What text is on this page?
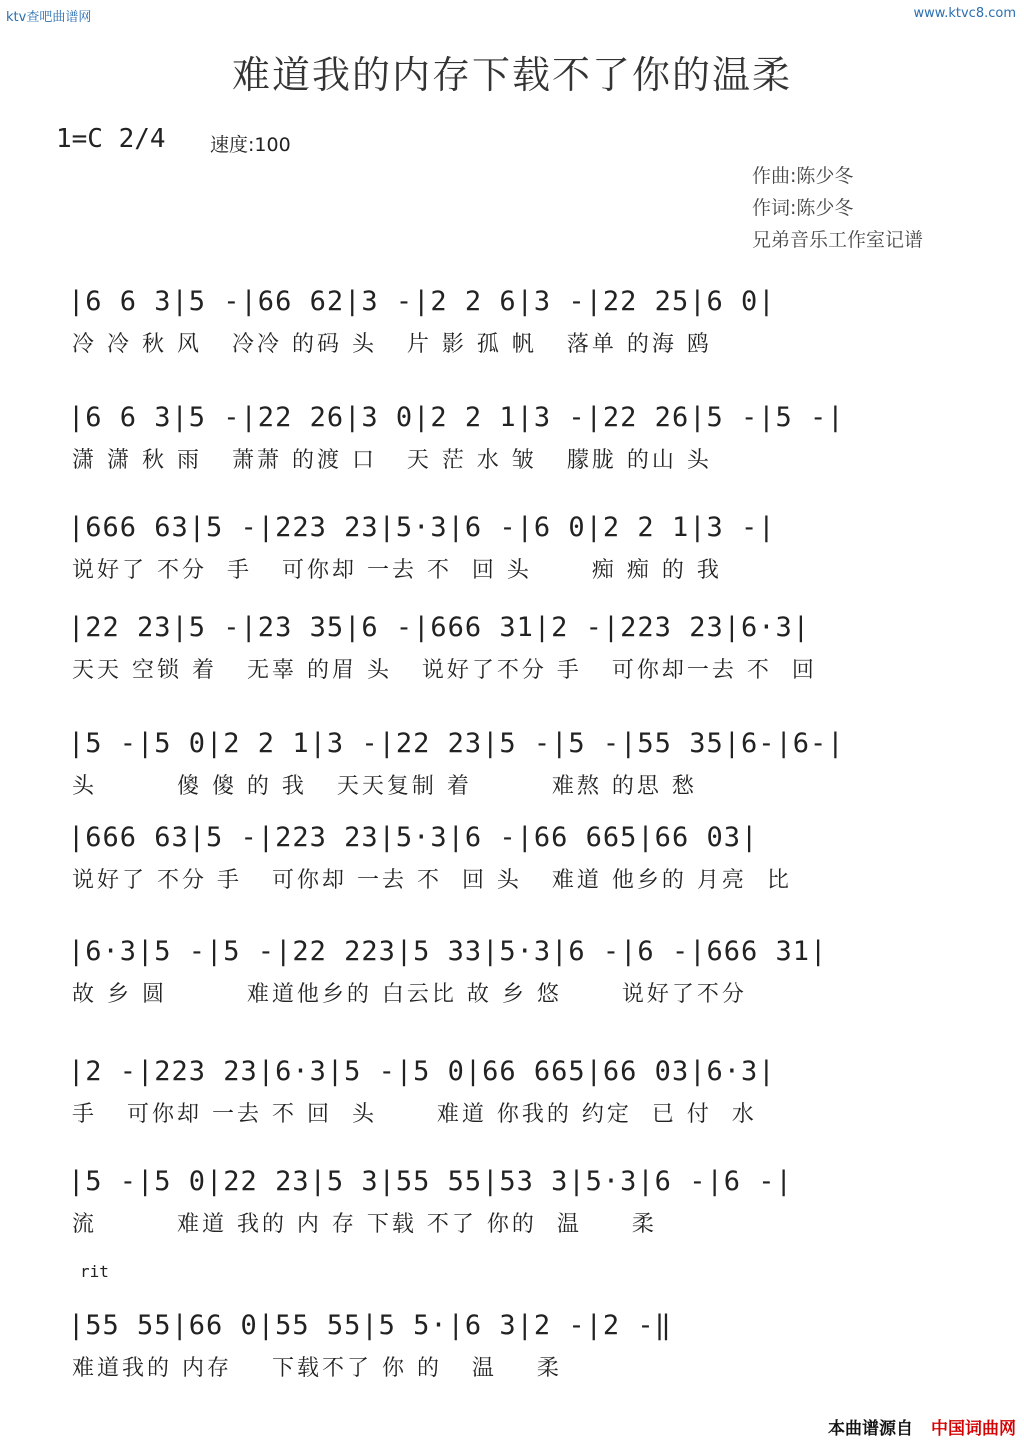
ktv查吧曲谱网	www.ktvc8.com
难道我的内存下载不了你的温柔
1=C 2/4 速度:100
作曲:陈少冬
作词:陈少冬
兄弟音乐工作室记谱
|6 6 3|5 -|66 62|3 -|2 2 6|3 -|22 25|6 0|
冷 冷 秋 风   冷冷 的码 头   片 影 孤 帆   落单 的海 鸥
|6 6 3|5 -|22 26|3 0|2 2 1|3 -|22 26|5 -|5 -|
潇 潇 秋 雨   萧萧 的渡 口   天 茫 水 皱   朦胧 的山 头
|666 63|5 -|223 23|5·3|6 -|6 0|2 2 1|3 -|
说好了 不分  手   可你却 一去 不  回 头      痴 痴 的 我
|22 23|5 -|23 35|6 -|666 31|2 -|223 23|6·3|
天天 空锁 着   无辜 的眉 头   说好了不分 手   可你却一去 不  回
|5 -|5 0|2 2 1|3 -|22 23|5 -|5 -|55 35|6-|6-|
头        傻 傻 的 我   天天复制 着        难熬 的思 愁
|666 63|5 -|223 23|5·3|6 -|66 665|66 03|
说好了 不分 手   可你却 一去 不  回 头   难道 他乡的 月亮  比
|6·3|5 -|5 -|22 223|5 33|5·3|6 -|6 -|666 31|
故 乡 圆        难道他乡的 白云比 故 乡 悠      说好了不分
|2 -|223 23|6·3|5 -|5 0|66 665|66 03|6·3|
手   可你却 一去 不 回  头      难道 你我的 约定  已 付  水
|5 -|5 0|22 23|5 3|55 55|53 3|5·3|6 -|6 -|
流        难道 我的 内 存 下载 不了 你的  温     柔
rit
|55 55|66 0|55 55|5 5·|6 3|2 -|2 -‖
难道我的 内存    下载不了 你 的   温    柔
本曲谱源自 中国词曲网
